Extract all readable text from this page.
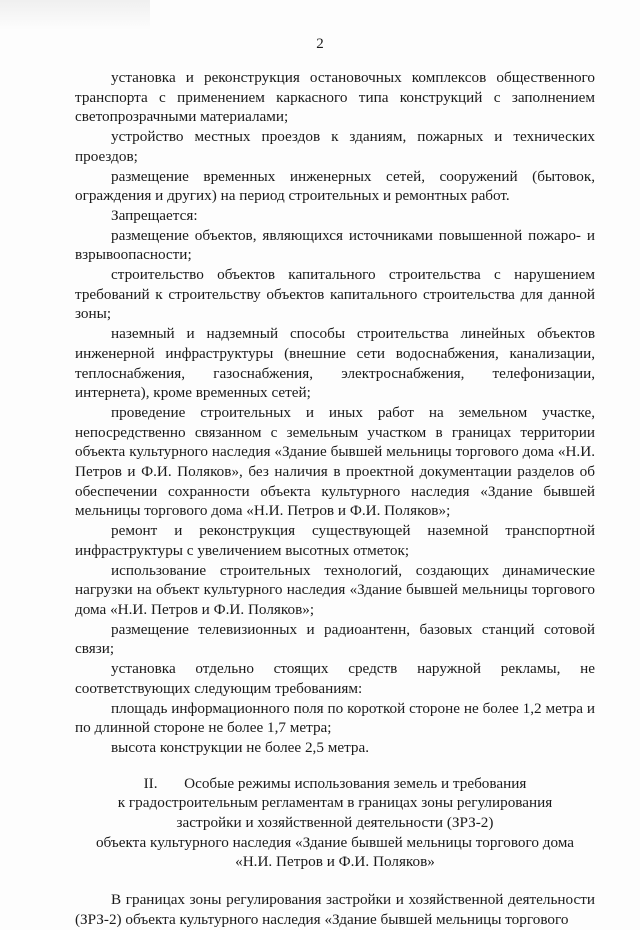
2

установка и реконструкция остановочных комплексов общественного транспорта с применением каркасного типа конструкций с заполнением светопрозрачными материалами;

устройство местных проездов к зданиям, пожарных и технических проездов;

размещение временных инженерных сетей, сооружений (бытовок, ограждения и других) на период строительных и ремонтных работ.

Запрещается:

размещение объектов, являющихся источниками повышенной пожаро- и взрывоопасности;

строительство объектов капитального строительства с нарушением требований к строительству объектов капитального строительства для данной зоны;

наземный и надземный способы строительства линейных объектов инженерной инфраструктуры (внешние сети водоснабжения, канализации, теплоснабжения, газоснабжения, электроснабжения, телефонизации, интернета), кроме временных сетей;

проведение строительных и иных работ на земельном участке, непосредственно связанном с земельным участком в границах территории объекта культурного наследия «Здание бывшей мельницы торгового дома «Н.И. Петров и Ф.И. Поляков», без наличия в проектной документации разделов об обеспечении сохранности объекта культурного наследия «Здание бывшей мельницы торгового дома «Н.И. Петров и Ф.И. Поляков»;

ремонт и реконструкция существующей наземной транспортной инфраструктуры с увеличением высотных отметок;

использование строительных технологий, создающих динамические нагрузки на объект культурного наследия «Здание бывшей мельницы торгового дома «Н.И. Петров и Ф.И. Поляков»;

размещение телевизионных и радиоантенн, базовых станций сотовой связи;

установка отдельно стоящих средств наружной рекламы, не соответствующих следующим требованиям:

площадь информационного поля по короткой стороне не более 1,2 метра и по длинной стороне не более 1,7 метра;

высота конструкции не более 2,5 метра.

II.       Особые режимы использования земель и требования
к градостроительным регламентам в границах зоны регулирования
застройки и хозяйственной деятельности (ЗРЗ-2)
объекта культурного наследия «Здание бывшей мельницы торгового дома
«Н.И. Петров и Ф.И. Поляков»

В границах зоны регулирования застройки и хозяйственной деятельности (ЗРЗ-2) объекта культурного наследия «Здание бывшей мельницы торгового
